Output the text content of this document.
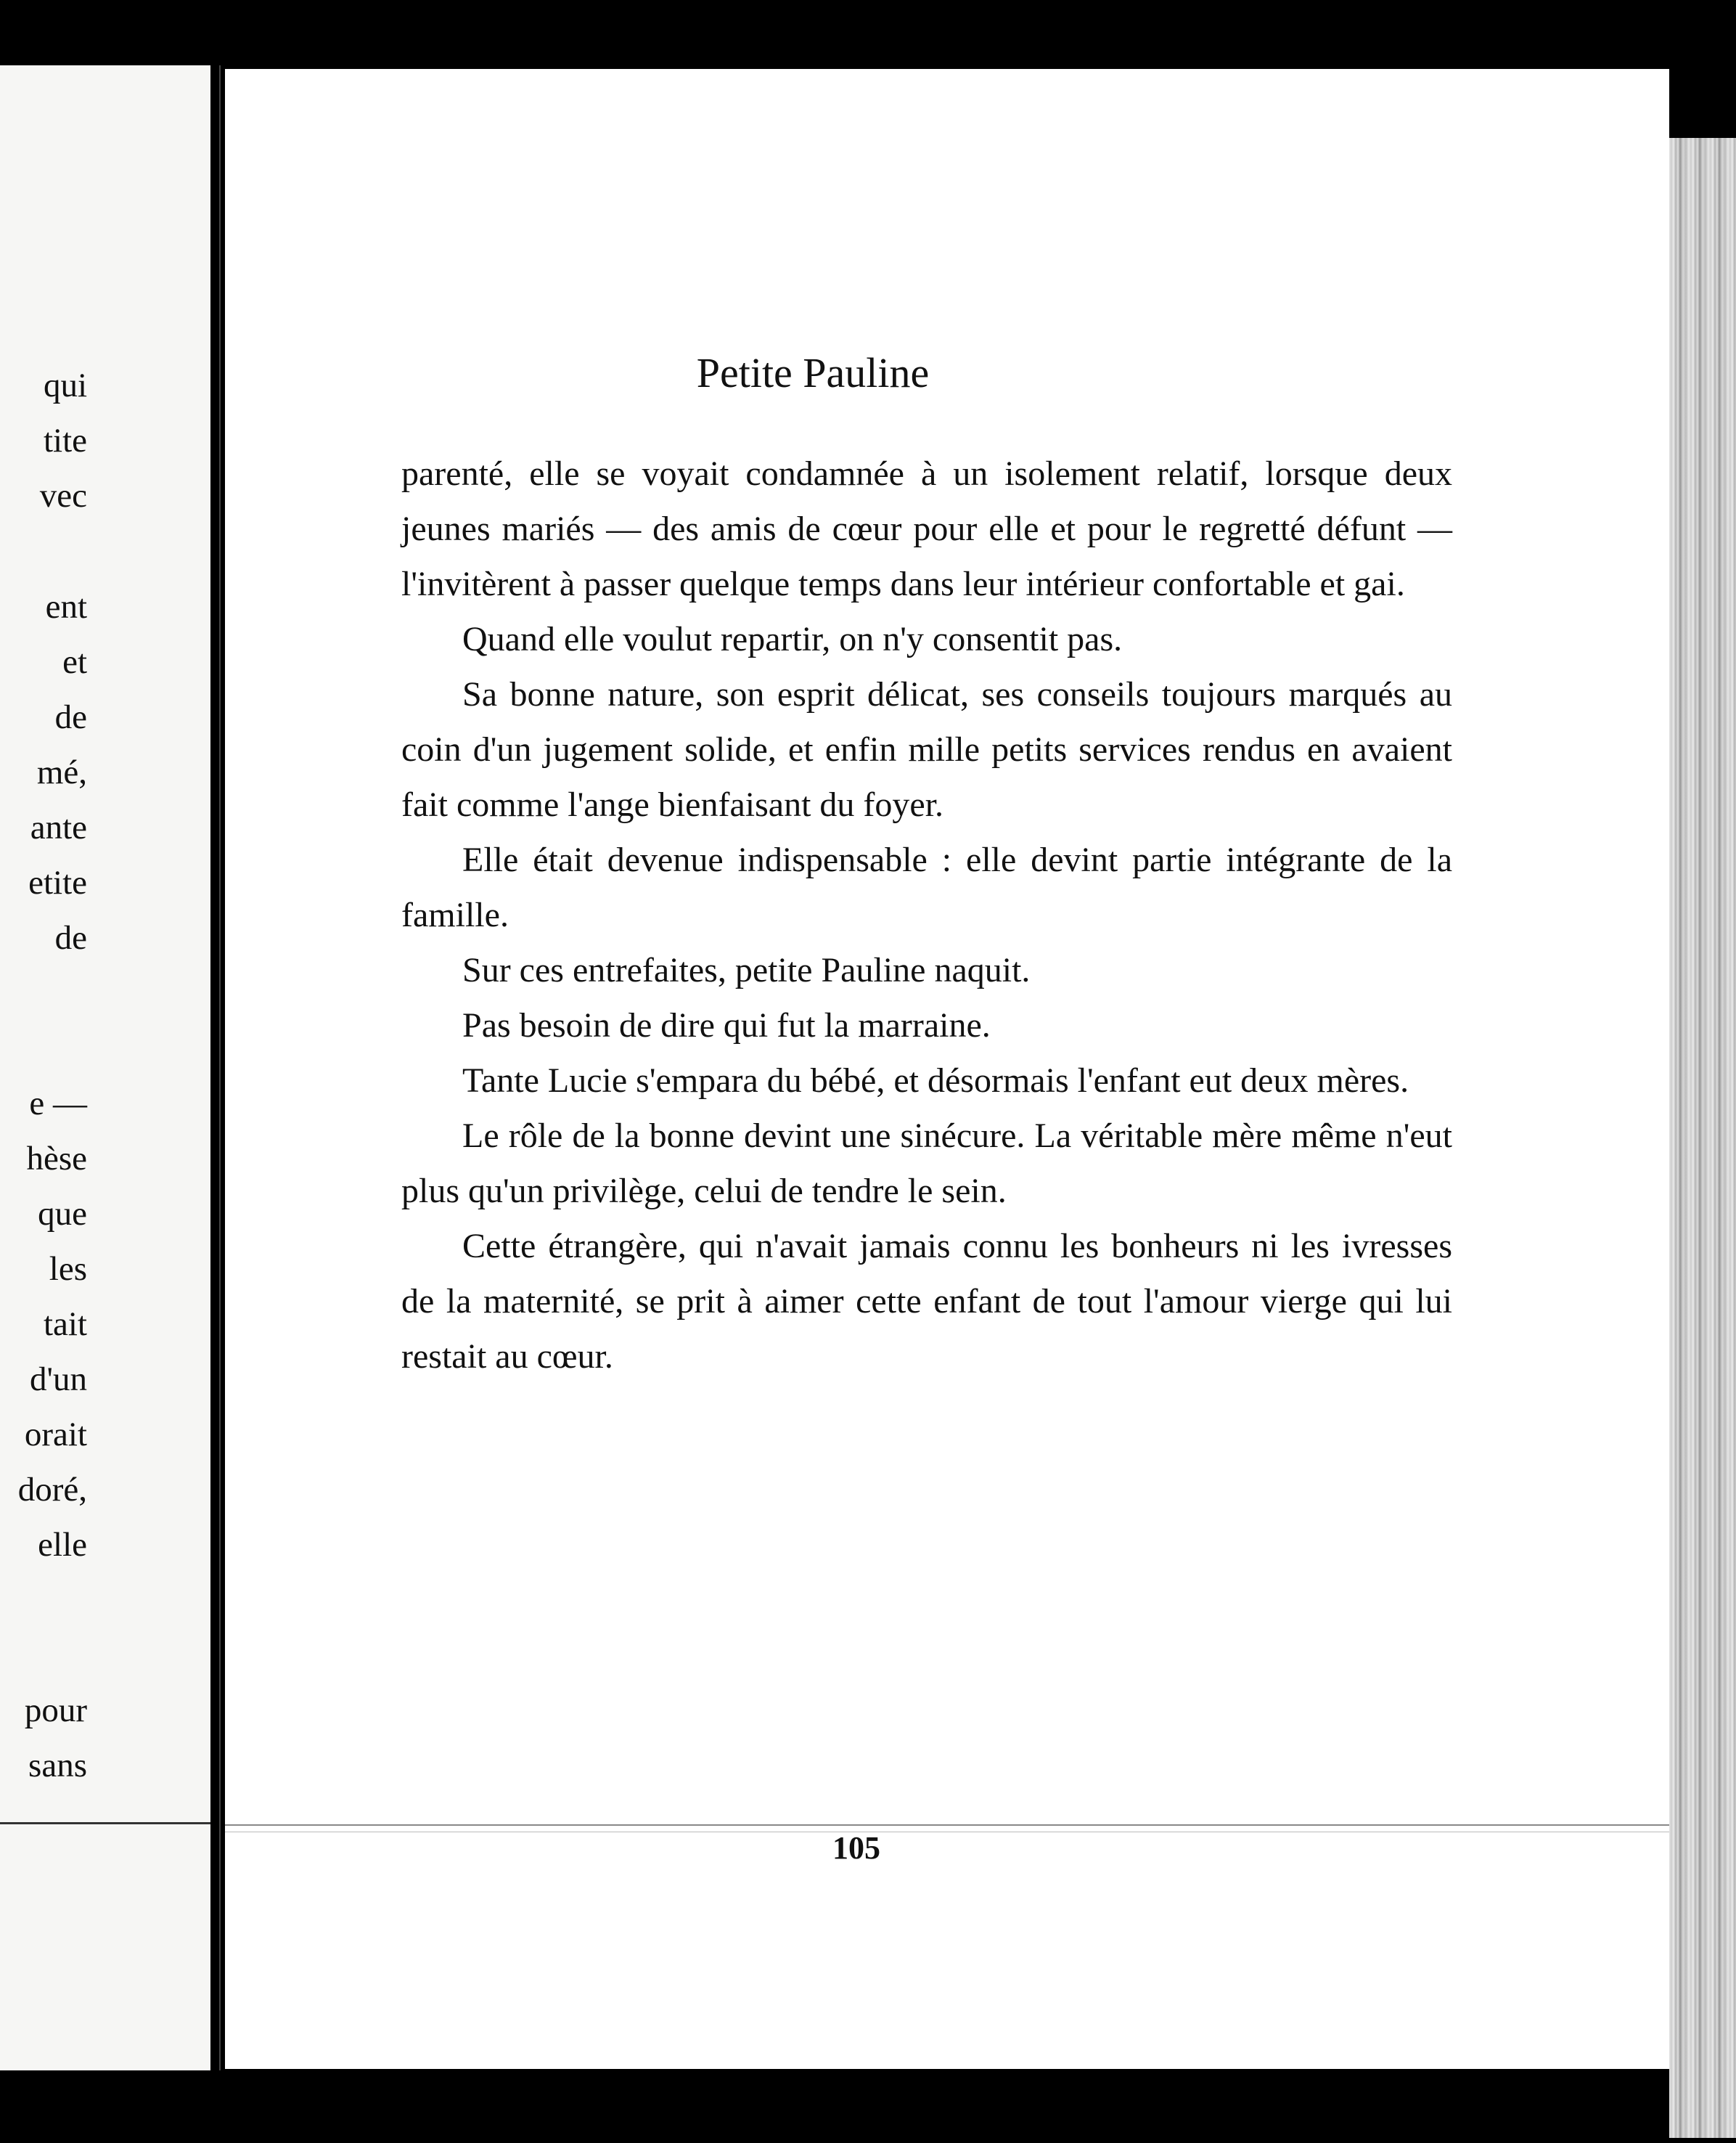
qui
tite
vec
ent
et
de
mé,
ante
etite
de
e —
hèse
que
les
tait
d'un
orait
doré,
elle
pour
sans
Petite Pauline

parenté, elle se voyait condamnée à un isolement relatif, lorsque deux jeunes mariés — des amis de cœur pour elle et pour le regretté défunt — l'invitèrent à passer quelque temps dans leur intérieur confortable et gai.

Quand elle voulut repartir, on n'y consentit pas.

Sa bonne nature, son esprit délicat, ses conseils toujours marqués au coin d'un jugement solide, et enfin mille petits services rendus en avaient fait comme l'ange bienfaisant du foyer.

Elle était devenue indispensable : elle devint partie intégrante de la famille.

Sur ces entrefaites, petite Pauline naquit.

Pas besoin de dire qui fut la marraine.

Tante Lucie s'empara du bébé, et désormais l'enfant eut deux mères.

Le rôle de la bonne devint une sinécure. La véritable mère même n'eut plus qu'un privilège, celui de tendre le sein.

Cette étrangère, qui n'avait jamais connu les bonheurs ni les ivresses de la maternité, se prit à aimer cette enfant de tout l'amour vierge qui lui restait au cœur.

105
